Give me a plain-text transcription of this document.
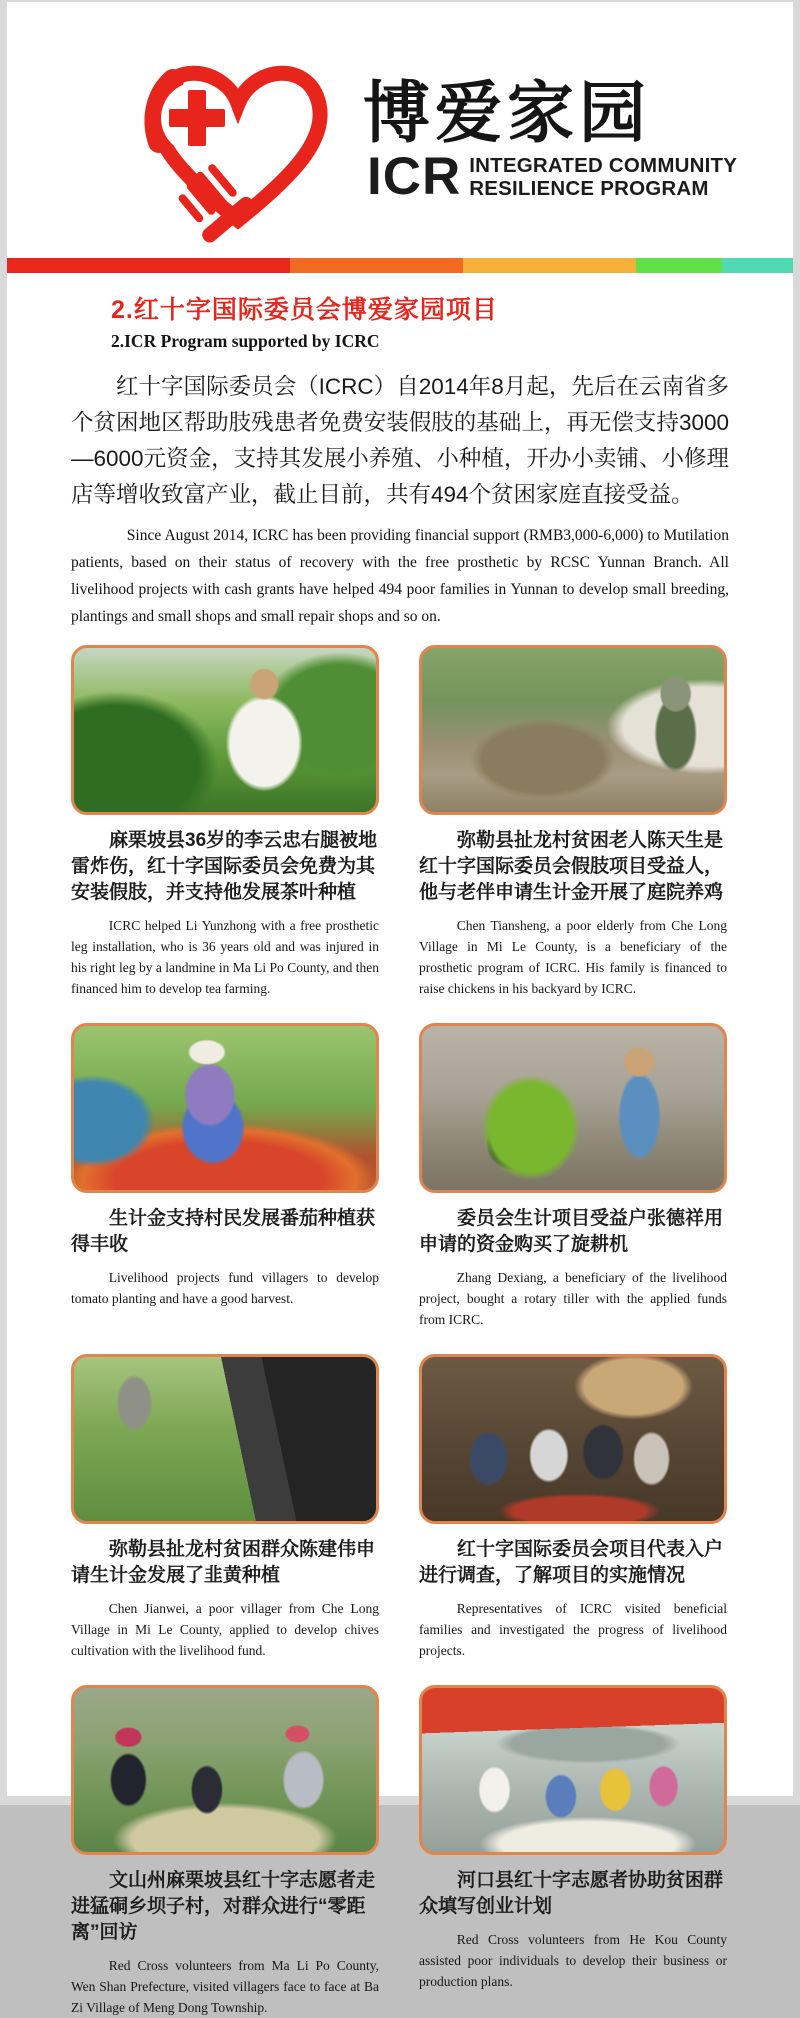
博爱家园
ICR INTEGRATED COMMUNITY
RESILIENCE PROGRAM
2.红十字国际委员会博爱家园项目
2.ICR Program supported by ICRC
红十字国际委员会（ICRC）自2014年8月起，先后在云南省多个贫困地区帮助肢残患者免费安装假肢的基础上，再无偿支持3000—6000元资金，支持其发展小养殖、小种植，开办小卖铺、小修理店等增收致富产业，截止目前，共有494个贫困家庭直接受益。
Since August 2014, ICRC has been providing financial support (RMB3,000-6,000) to Mutilation patients, based on their status of recovery with the free prosthetic by RCSC Yunnan Branch. All livelihood projects with cash grants have helped 494 poor families in Yunnan to develop small breeding, plantings and small shops and small repair shops and so on.
麻栗坡县36岁的李云忠右腿被地雷炸伤，红十字国际委员会免费为其安装假肢，并支持他发展茶叶种植
ICRC helped Li Yunzhong with a free prosthetic leg installation, who is 36 years old and was injured in his right leg by a landmine in Ma Li Po County, and then financed him to develop tea farming.
弥勒县扯龙村贫困老人陈天生是红十字国际委员会假肢项目受益人，他与老伴申请生计金开展了庭院养鸡
Chen Tiansheng, a poor elderly from Che Long Village in Mi Le County, is a beneficiary of the prosthetic program of ICRC. His family is financed to raise chickens in his backyard by ICRC.
生计金支持村民发展番茄种植获得丰收
Livelihood projects fund villagers to develop tomato planting and have a good harvest.
委员会生计项目受益户张德祥用申请的资金购买了旋耕机
Zhang Dexiang, a beneficiary of the livelihood project, bought a rotary tiller with the applied funds from ICRC.
弥勒县扯龙村贫困群众陈建伟申请生计金发展了韭黄种植
Chen Jianwei, a poor villager from Che Long Village in Mi Le County, applied to develop chives cultivation with the livelihood fund.
红十字国际委员会项目代表入户进行调查，了解项目的实施情况
Representatives of ICRC visited beneficial families and investigated the progress of livelihood projects.
文山州麻栗坡县红十字志愿者走进猛硐乡坝子村，对群众进行“零距离”回访
Red Cross volunteers from Ma Li Po County, Wen Shan Prefecture, visited villagers face to face at Ba Zi Village of Meng Dong Township.
河口县红十字志愿者协助贫困群众填写创业计划
Red Cross volunteers from He Kou County assisted poor individuals to develop their business or production plans.
